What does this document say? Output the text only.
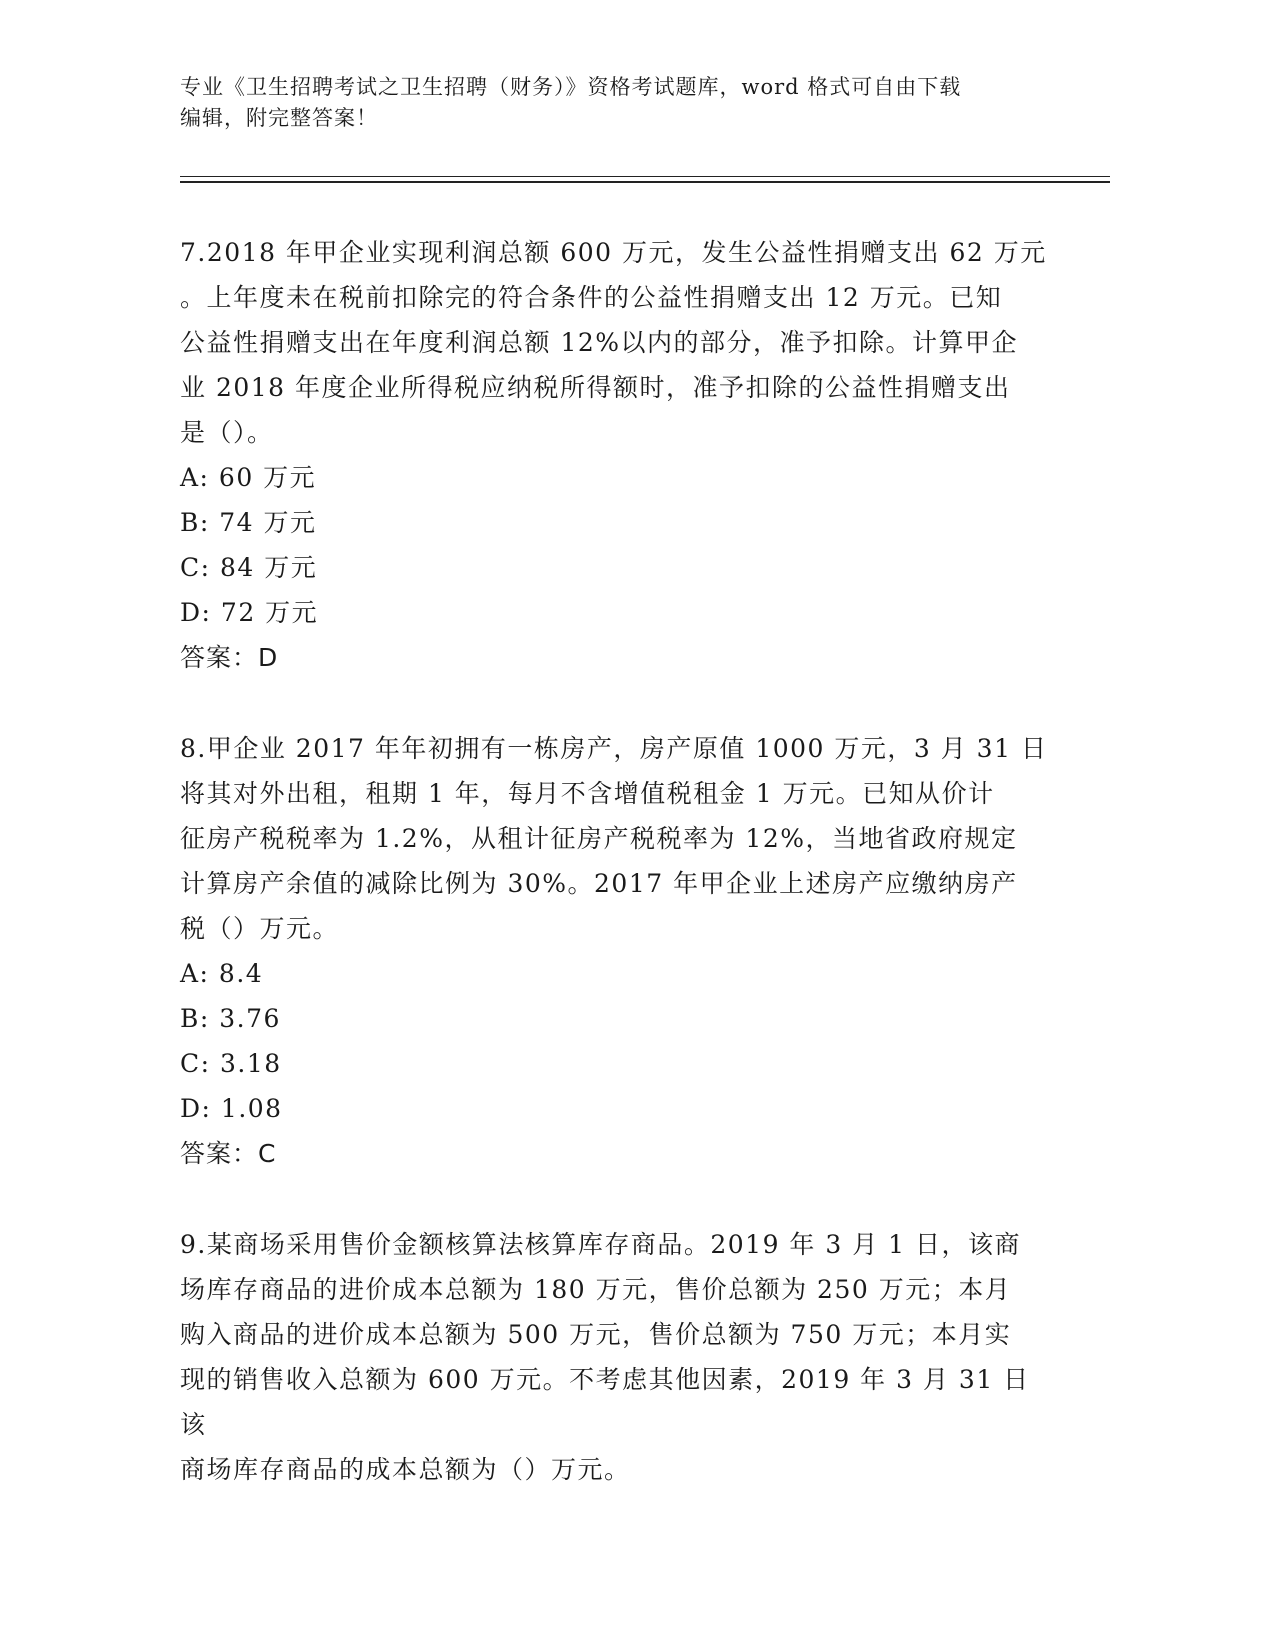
专业《卫生招聘考试之卫生招聘（财务）》资格考试题库，word 格式可自由下载
编辑，附完整答案！

7.2018 年甲企业实现利润总额 600 万元，发生公益性捐赠支出 62 万元

。上年度未在税前扣除完的符合条件的公益性捐赠支出 12 万元。已知

公益性捐赠支出在年度利润总额 12%以内的部分，准予扣除。计算甲企

业 2018 年度企业所得税应纳税所得额时，准予扣除的公益性捐赠支出

是（）。

A: 60 万元

B: 74 万元

C: 84 万元

D: 72 万元

答案：D

8.甲企业 2017 年年初拥有一栋房产，房产原值 1000 万元，3 月 31 日

将其对外出租，租期 1 年，每月不含增值税租金 1 万元。已知从价计

征房产税税率为 1.2%，从租计征房产税税率为 12%，当地省政府规定

计算房产余值的减除比例为 30%。2017 年甲企业上述房产应缴纳房产

税（）万元。

A: 8.4

B: 3.76

C: 3.18

D: 1.08

答案：C

9.某商场采用售价金额核算法核算库存商品。2019 年 3 月 1 日，该商

场库存商品的进价成本总额为 180 万元，售价总额为 250 万元；本月

购入商品的进价成本总额为 500 万元，售价总额为 750 万元；本月实

现的销售收入总额为 600 万元。不考虑其他因素，2019 年 3 月 31 日该

商场库存商品的成本总额为（）万元。
